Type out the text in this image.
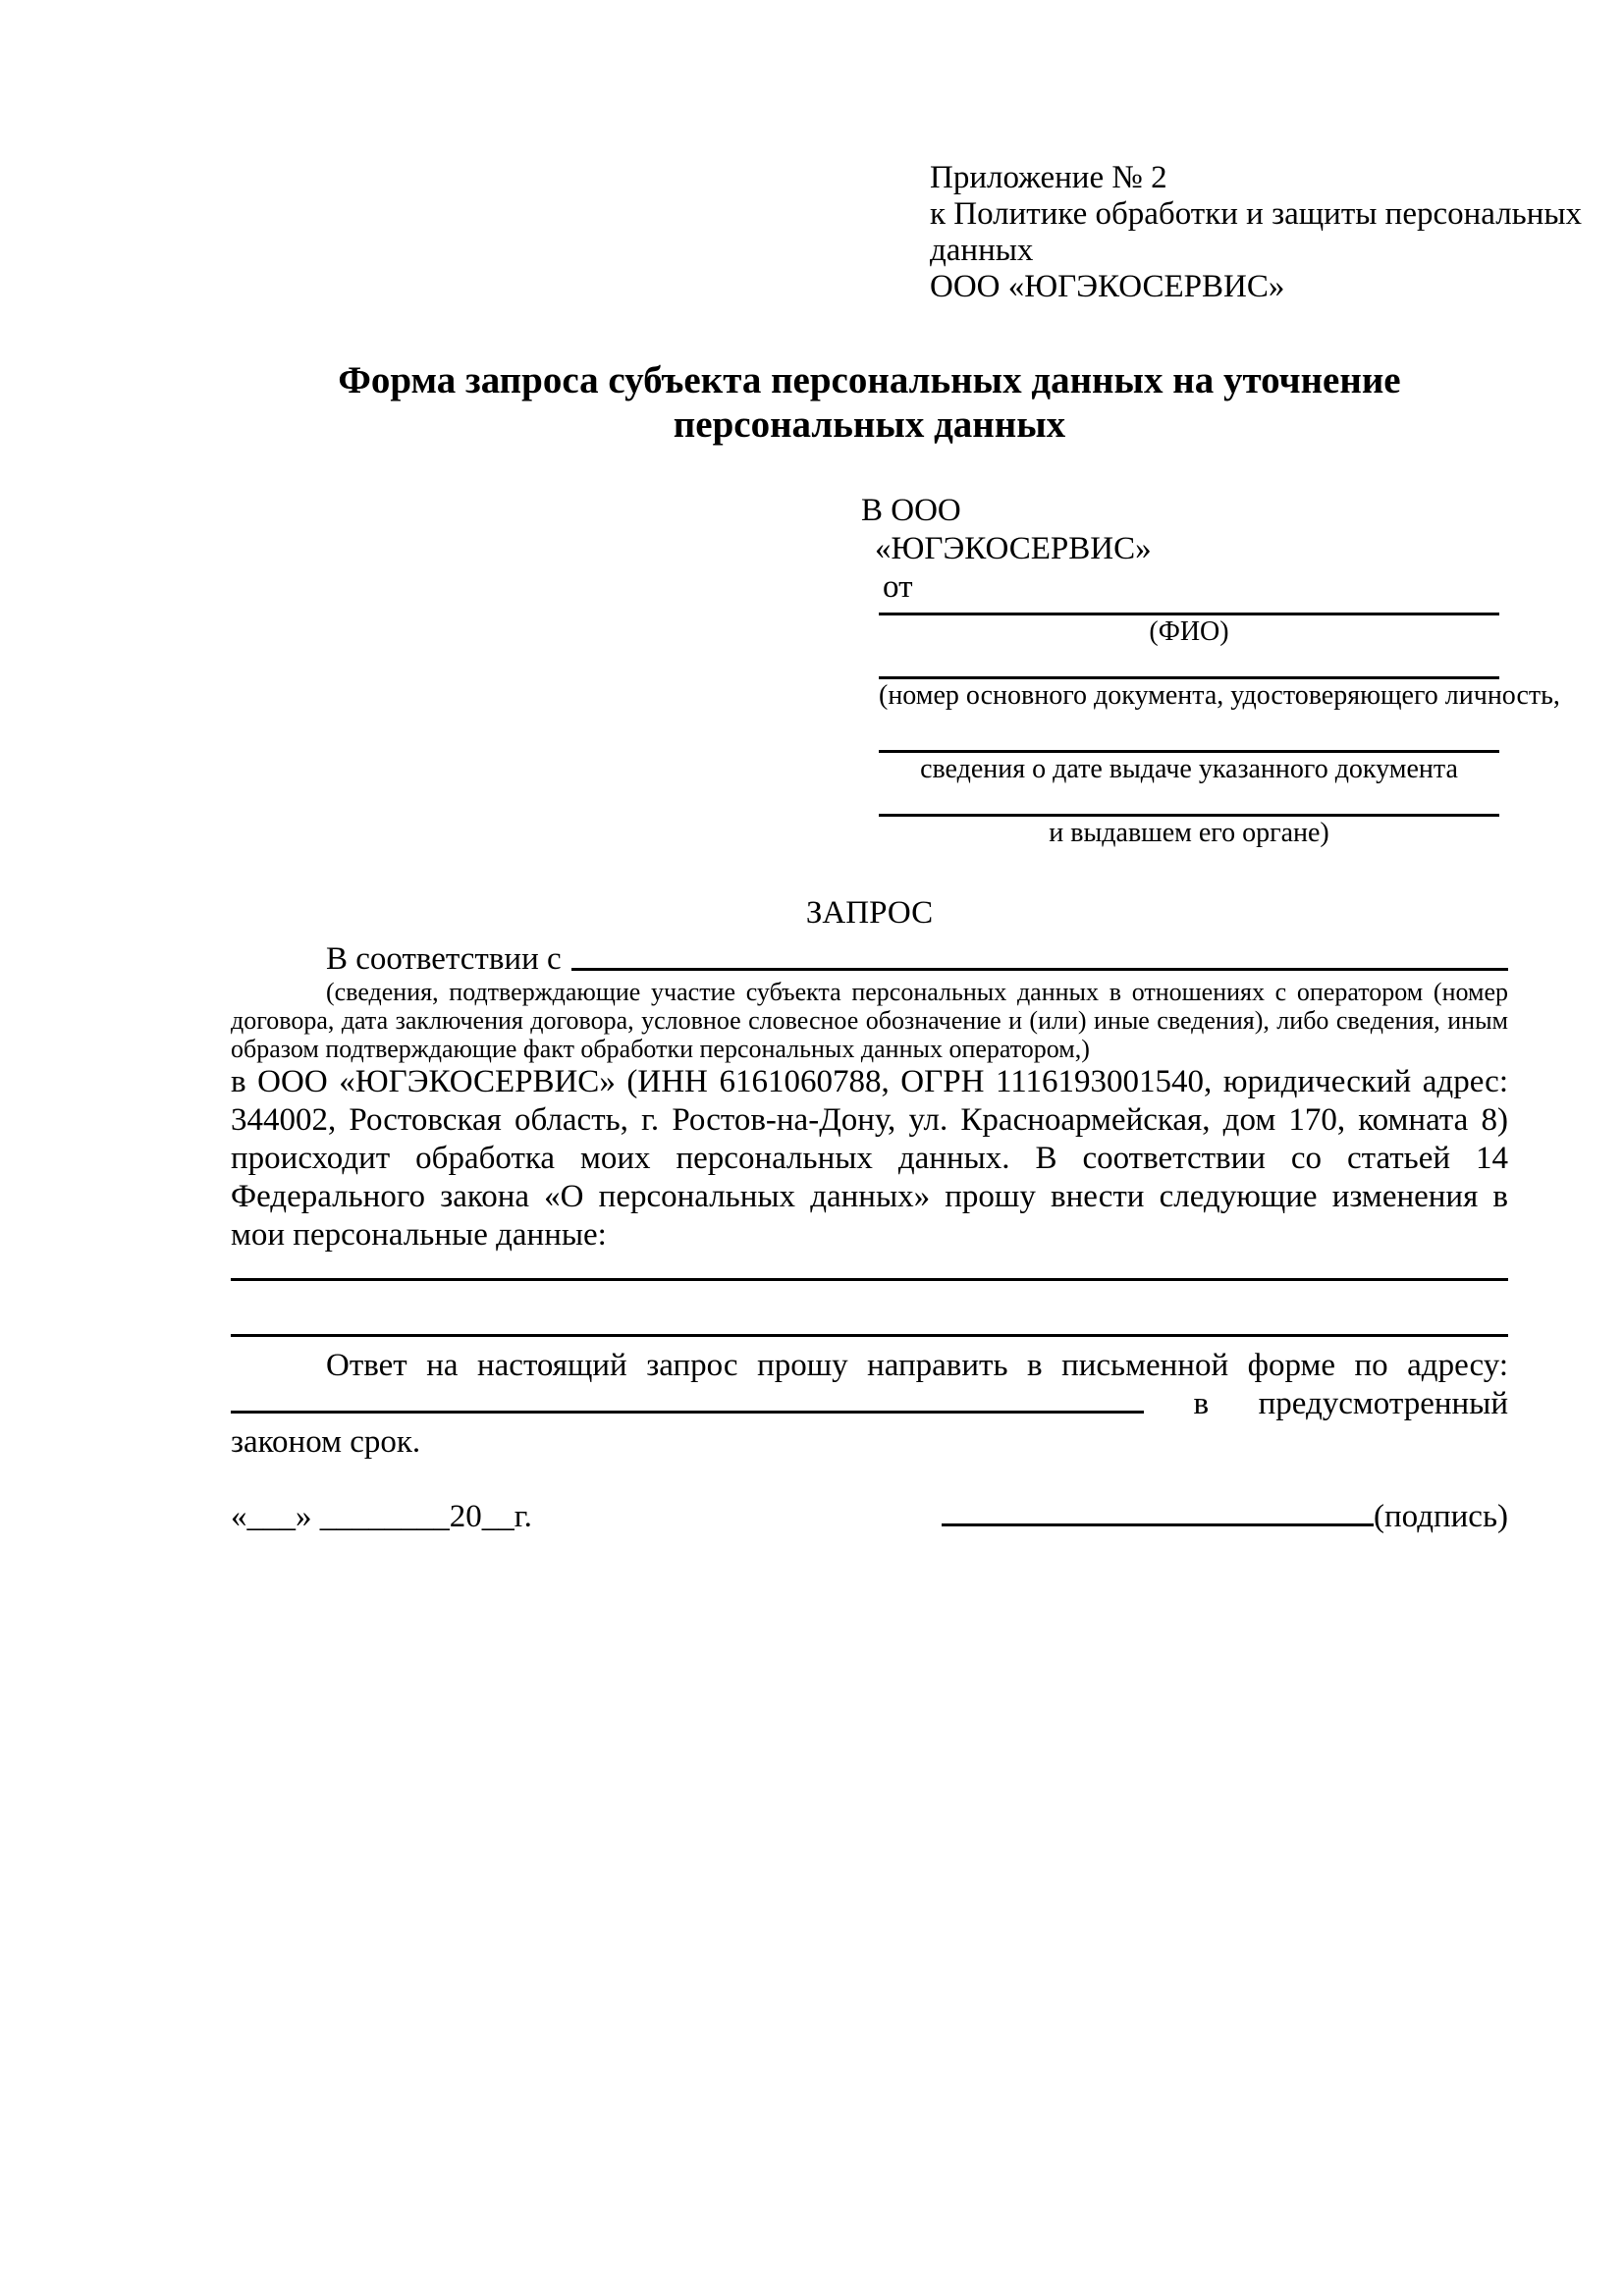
Приложение № 2
к Политике обработки и защиты персональных
данных
ООО «ЮГЭКОСЕРВИС»
Форма запроса субъекта персональных данных на уточнение персональных данных
В ООО
«ЮГЭКОСЕРВИС»
от
(ФИО)
(номер основного документа, удостоверяющего личность,
сведения о дате выдаче указанного документа
и выдавшем его органе)
ЗАПРОС
В соответствии с
(сведения, подтверждающие участие субъекта персональных данных в отношениях с оператором (номер договора, дата заключения договора, условное словесное обозначение и (или) иные сведения), либо сведения, иным образом подтверждающие факт обработки персональных данных оператором,)
в ООО «ЮГЭКОСЕРВИС» (ИНН 6161060788, ОГРН 1116193001540, юридический адрес: 344002, Ростовская область, г. Ростов-на-Дону, ул. Красноармейская, дом 170, комната 8) происходит обработка моих персональных данных. В соответствии со статьей 14 Федерального закона «О персональных данных» прошу внести следующие изменения в мои персональные данные:

Ответ на настоящий запрос прошу направить в письменной форме по адресу:  в предусмотренный законом срок.

«___» ________20__г.	(подпись)
